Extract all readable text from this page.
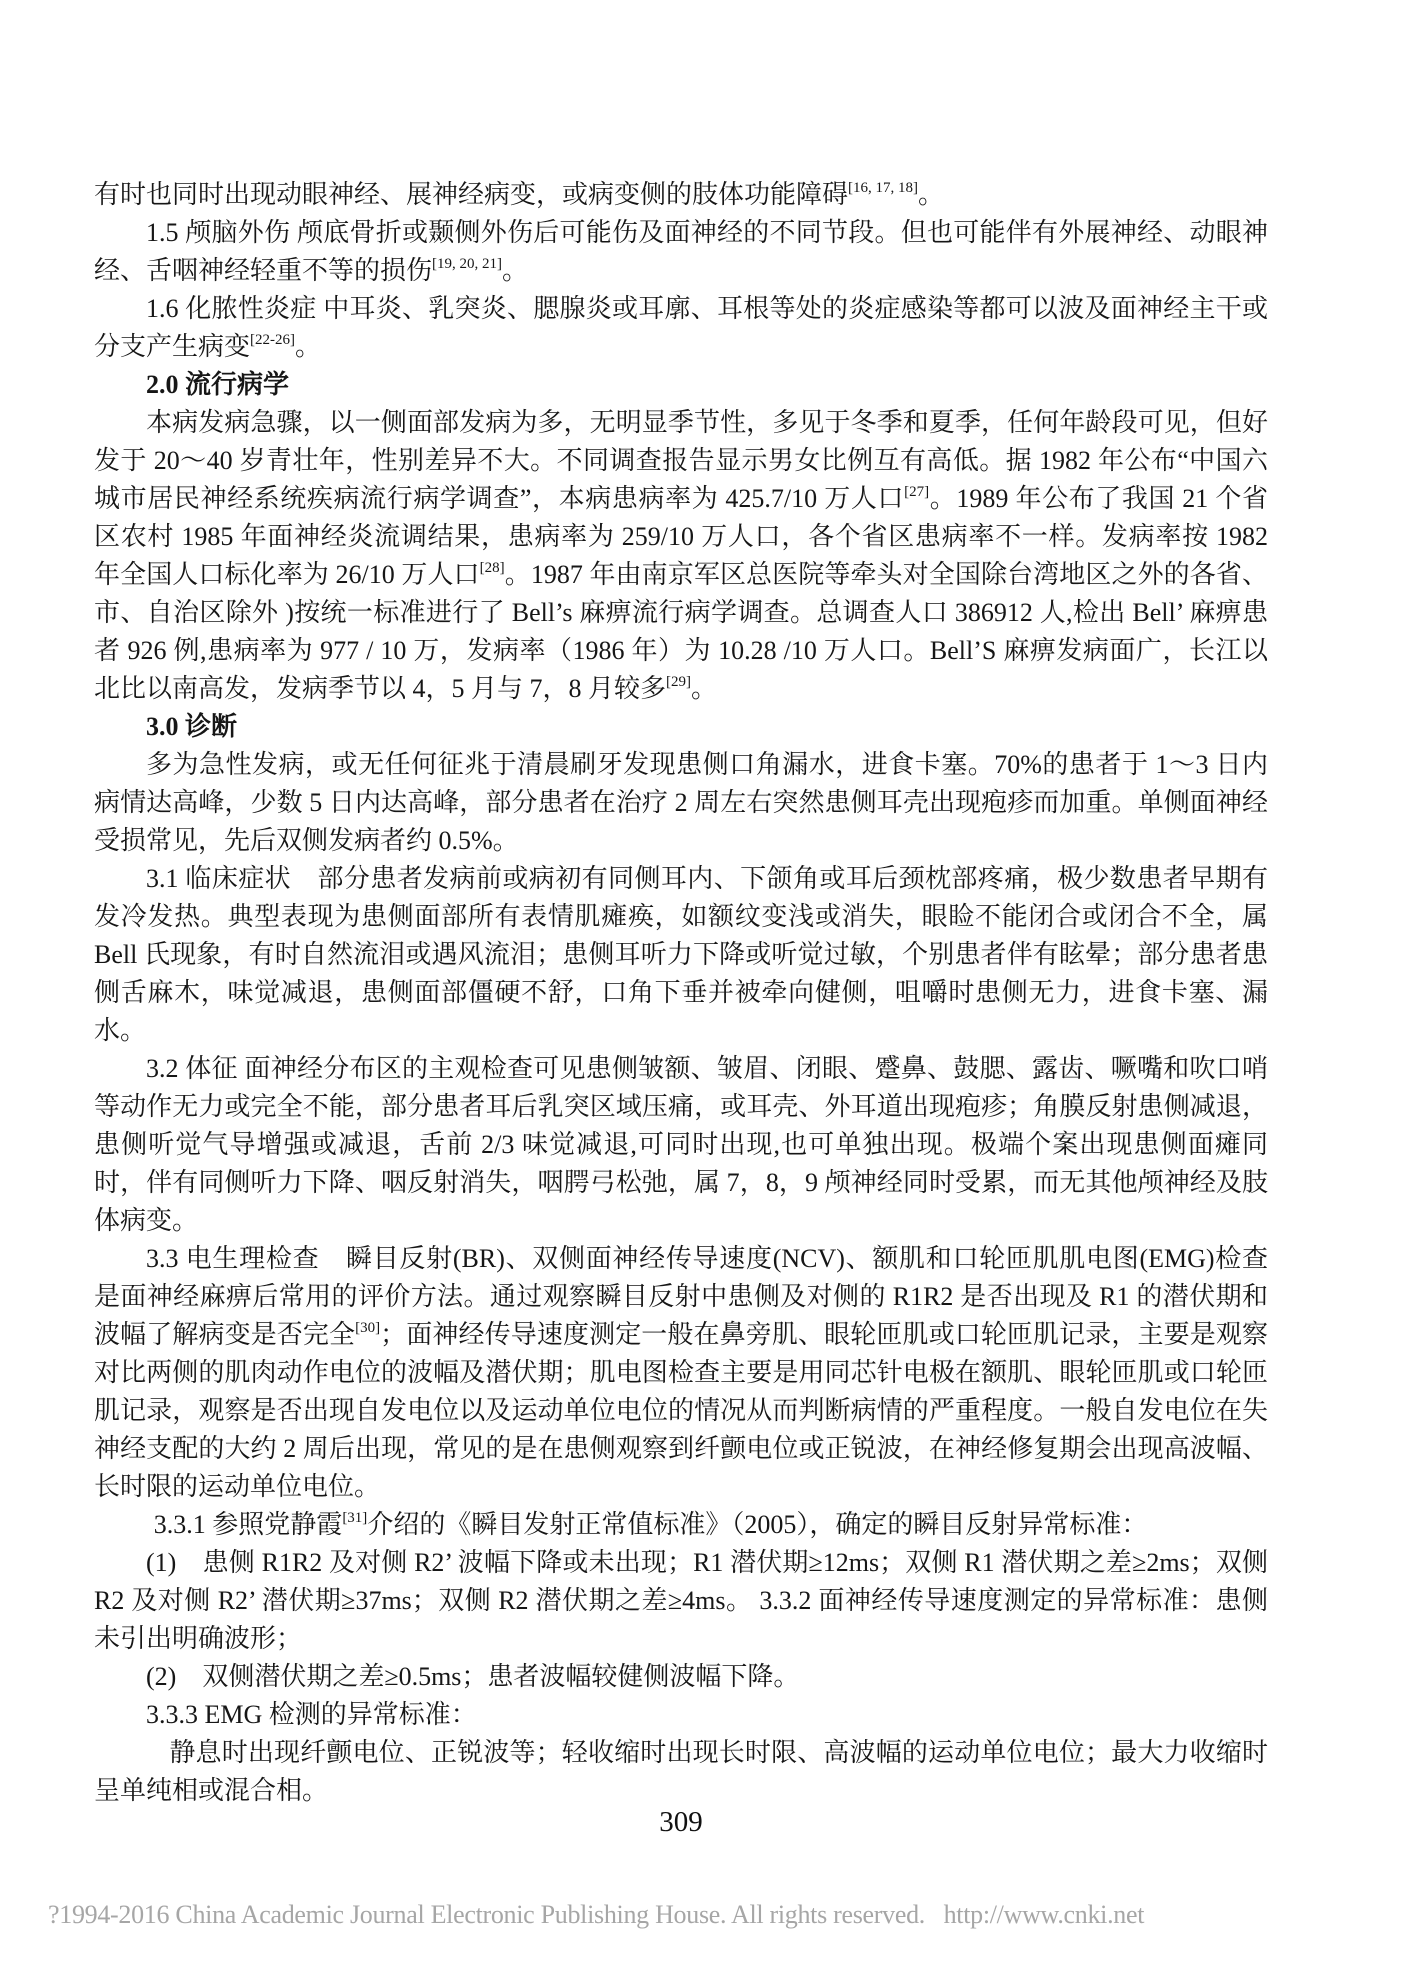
有时也同时出现动眼神经、展神经病变，或病变侧的肢体功能障碍[16, 17, 18]。

1.5 颅脑外伤 颅底骨折或颞侧外伤后可能伤及面神经的不同节段。但也可能伴有外展神经、动眼神经、舌咽神经轻重不等的损伤[19, 20, 21]。

1.6 化脓性炎症 中耳炎、乳突炎、腮腺炎或耳廓、耳根等处的炎症感染等都可以波及面神经主干或分支产生病变[22-26]。

2.0 流行病学

本病发病急骤，以一侧面部发病为多，无明显季节性，多见于冬季和夏季，任何年龄段可见，但好发于 20～40 岁青壮年，性别差异不大。不同调查报告显示男女比例互有高低。据 1982 年公布“中国六城市居民神经系统疾病流行病学调查”，本病患病率为 425.7/10 万人口[27]。1989 年公布了我国 21 个省区农村 1985 年面神经炎流调结果，患病率为 259/10 万人口，各个省区患病率不一样。发病率按 1982 年全国人口标化率为 26/10 万人口[28]。1987 年由南京军区总医院等牵头对全国除台湾地区之外的各省、市、自治区除外 )按统一标准进行了 Bell’s 麻痹流行病学调查。总调查人口 386912 人,检出 Bell’ 麻痹患者 926 例,患病率为 977 / 10 万，发病率（1986 年）为 10.28 /10 万人口。Bell’S 麻痹发病面广，长江以北比以南高发，发病季节以 4，5 月与 7，8 月较多[29]。

3.0 诊断

多为急性发病，或无任何征兆于清晨刷牙发现患侧口角漏水，进食卡塞。70%的患者于 1～3 日内病情达高峰，少数 5 日内达高峰，部分患者在治疗 2 周左右突然患侧耳壳出现疱疹而加重。单侧面神经受损常见，先后双侧发病者约 0.5%。

3.1 临床症状　部分患者发病前或病初有同侧耳内、下颌角或耳后颈枕部疼痛，极少数患者早期有发冷发热。典型表现为患侧面部所有表情肌瘫痪，如额纹变浅或消失，眼睑不能闭合或闭合不全，属 Bell 氏现象，有时自然流泪或遇风流泪；患侧耳听力下降或听觉过敏，个别患者伴有眩晕；部分患者患侧舌麻木，味觉减退，患侧面部僵硬不舒，口角下垂并被牵向健侧，咀嚼时患侧无力，进食卡塞、漏水。

3.2 体征 面神经分布区的主观检查可见患侧皱额、皱眉、闭眼、蹙鼻、鼓腮、露齿、噘嘴和吹口哨等动作无力或完全不能，部分患者耳后乳突区域压痛，或耳壳、外耳道出现疱疹；角膜反射患侧减退，患侧听觉气导增强或减退，舌前 2/3 味觉减退,可同时出现,也可单独出现。极端个案出现患侧面瘫同时，伴有同侧听力下降、咽反射消失，咽腭弓松弛，属 7，8，9 颅神经同时受累，而无其他颅神经及肢体病变。

3.3 电生理检查　瞬目反射(BR)、双侧面神经传导速度(NCV)、额肌和口轮匝肌肌电图(EMG)检查是面神经麻痹后常用的评价方法。通过观察瞬目反射中患侧及对侧的 R1R2 是否出现及 R1 的潜伏期和波幅了解病变是否完全[30]；面神经传导速度测定一般在鼻旁肌、眼轮匝肌或口轮匝肌记录，主要是观察对比两侧的肌肉动作电位的波幅及潜伏期；肌电图检查主要是用同芯针电极在额肌、眼轮匝肌或口轮匝肌记录，观察是否出现自发电位以及运动单位电位的情况从而判断病情的严重程度。一般自发电位在失神经支配的大约 2 周后出现，常见的是在患侧观察到纤颤电位或正锐波，在神经修复期会出现高波幅、长时限的运动单位电位。

3.3.1 参照党静霞[31]介绍的《瞬目发射正常值标准》（2005），确定的瞬目反射异常标准：

(1)　患侧 R1R2 及对侧 R2’ 波幅下降或未出现；R1 潜伏期≥12ms；双侧 R1 潜伏期之差≥2ms；双侧 R2 及对侧 R2’ 潜伏期≥37ms；双侧 R2 潜伏期之差≥4ms。 3.3.2 面神经传导速度测定的异常标准：患侧未引出明确波形；

(2)　双侧潜伏期之差≥0.5ms；患者波幅较健侧波幅下降。

3.3.3 EMG 检测的异常标准：

静息时出现纤颤电位、正锐波等；轻收缩时出现长时限、高波幅的运动单位电位；最大力收缩时呈单纯相或混合相。

309
?1994-2016 China Academic Journal Electronic Publishing House. All rights reserved.   http://www.cnki.net
